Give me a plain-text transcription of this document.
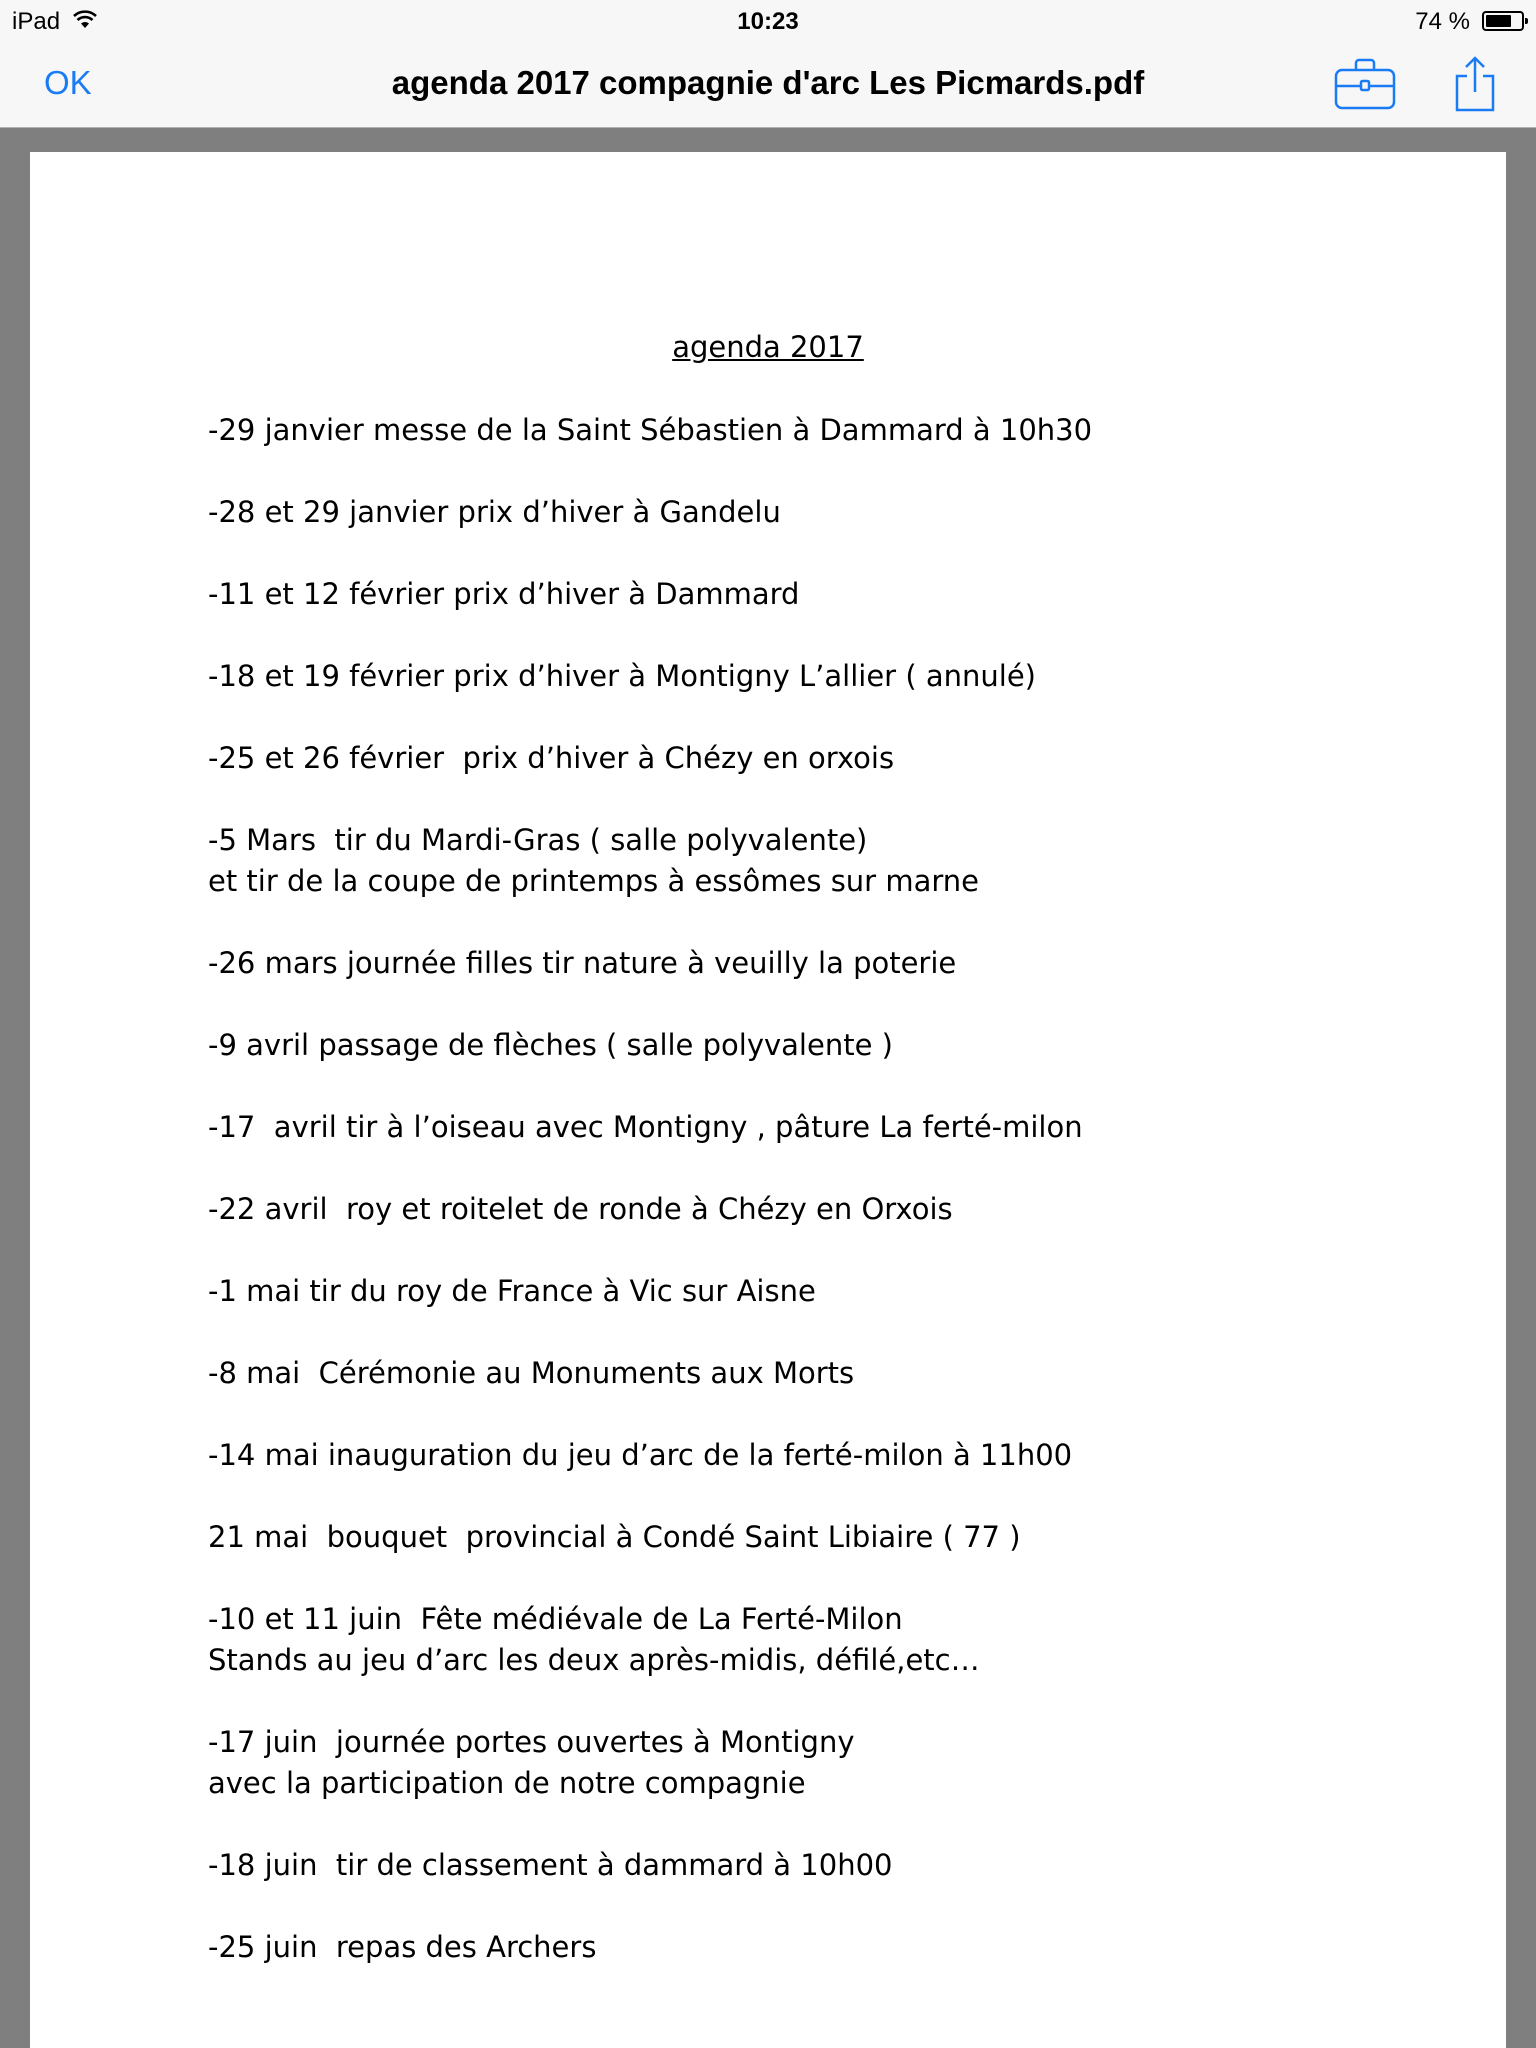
iPad	10:23	74 %
OK	agenda 2017 compagnie d'arc Les Picmards.pdf
agenda 2017
-29 janvier messe de la Saint Sébastien à Dammard à 10h30
-28 et 29 janvier prix d’hiver à Gandelu
-11 et 12 février prix d’hiver à Dammard
-18 et 19 février prix d’hiver à Montigny L’allier ( annulé)
-25 et 26 février  prix d’hiver à Chézy en orxois
-5 Mars  tir du Mardi-Gras ( salle polyvalente)
et tir de la coupe de printemps à essômes sur marne
-26 mars journée filles tir nature à veuilly la poterie
-9 avril passage de flèches ( salle polyvalente )
-17  avril tir à l’oiseau avec Montigny , pâture La ferté-milon
-22 avril  roy et roitelet de ronde à Chézy en Orxois
-1 mai tir du roy de France à Vic sur Aisne
-8 mai  Cérémonie au Monuments aux Morts
-14 mai inauguration du jeu d’arc de la ferté-milon à 11h00
21 mai  bouquet  provincial à Condé Saint Libiaire ( 77 )
-10 et 11 juin  Fête médiévale de La Ferté-Milon
Stands au jeu d’arc les deux après-midis, défilé,etc…
-17 juin  journée portes ouvertes à Montigny
avec la participation de notre compagnie
-18 juin  tir de classement à dammard à 10h00
-25 juin  repas des Archers
